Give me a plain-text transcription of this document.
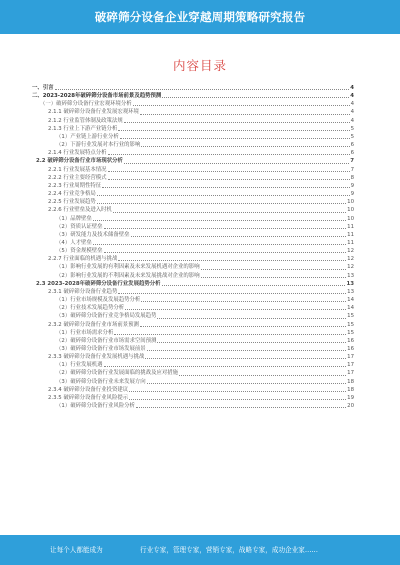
破碎筛分设备企业穿越周期策略研究报告
内容目录
一、引言	4
二、2023-2028年破碎筛分设备市场前景及趋势预测	4
（一）破碎筛分设备行业宏观环境分析	4
2.1.1 破碎筛分设备行业发展宏观环境	4
2.1.2 行业监管体制及政策法规	4
2.1.3 行业上下游产业链分析	5
（1）产业链上游行业分析	5
（2）下游行业发展对本行业的影响	6
2.1.4 行业发展特点分析	6
2.2 破碎筛分设备行业市场现状分析	7
2.2.1 行业发展基本情况	7
2.2.2 行业主要经营模式	8
2.2.3 行业周期性特征	9
2.2.4 行业竞争格局	9
2.2.5 行业发展趋势	10
2.2.6 行业壁垒及进入时机	10
（1）品牌壁垒	10
（2）资质认证壁垒	11
（3）研发能力及技术储备壁垒	11
（4）人才壁垒	11
（5）资金规模壁垒	12
2.2.7 行业面临的机遇与挑战	12
（1）影响行业发展的有利因素及未来发展机遇对企业的影响	12
（2）影响行业发展的不利因素及未来发展挑战对企业的影响	13
2.3 2023-2028年破碎筛分设备行业发展趋势分析	13
2.3.1 破碎筛分设备行业趋势	13
（1）行业市场规模及发展趋势分析	14
（2）行业技术发展趋势分析	14
（3）破碎筛分设备行业竞争格局发展趋势	15
2.3.2 破碎筛分设备行业市场前景预测	15
（1）行业市场需求分析	15
（2）破碎筛分设备行业市场需求空间预测	16
（3）破碎筛分设备行业市场发展前景	16
2.3.3 破碎筛分设备行业发展机遇与挑战	17
（1）行业发展机遇	17
（2）破碎筛分设备行业发展面临的挑战及应对措施	17
（3）破碎筛分设备行业未来发展方向	18
2.3.4 破碎筛分设备行业投资建议	18
2.3.5 破碎筛分设备行业风险提示	19
（1）破碎筛分设备行业风险分析	20
让每个人都能成为	行业专家，管理专家，营销专家，战略专家，成功企业家……
